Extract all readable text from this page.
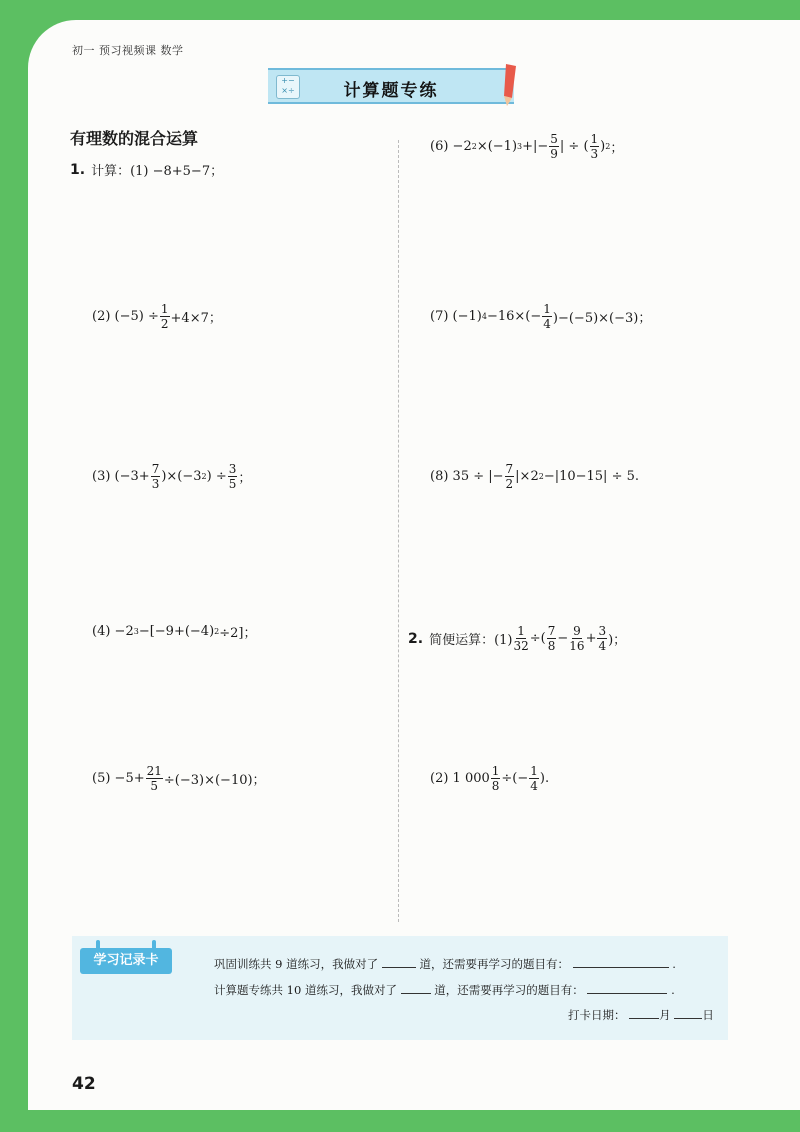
初一 预习视频课 数学
+− ×÷	计算题专练
有理数的混合运算
1. 计算：(1) −8+5−7；
(2) $(-5) \div \frac{1}{2} +4\times 7$；
(3) $(-3+ \frac{7}{3} )\times(-3$ 2 ) ÷ $\frac{3}{5}$ ；
(4) −2 3 −[−9+(−4) 2 ÷2]；
$(5) -5+ \frac{21}{5} \div(-3)\times(-10)$；
(6) −2 2 ×(−1) 3 +|− $\frac{5}{9}$ | ÷ ( $\frac{1}{3}$ ) 2 ；
(7) (−1) $4 -16\times(- \frac{1}{4} )-(-5)\times(-3)$；
(8) 35 ÷ |− $\frac{7}{2} |\times 2$ 2 −|10−15| ÷ 5.
2. 简便运算：$(1) \frac{1}{32}$ ÷( $\frac{7}{8} - \frac{9}{16} + \frac{3}{4}$ )；
(2) 1 $000 \frac{1}{8}$ ÷(− $\frac{1}{4}$ ).
学习记录卡	巩固训练共 9 道练习，我做对了	道，还需要再学习的题目有：	.
计算题专练共 10 道练习，我做对了	道，还需要再学习的题目有：	.
打卡日期：	月	日
42
